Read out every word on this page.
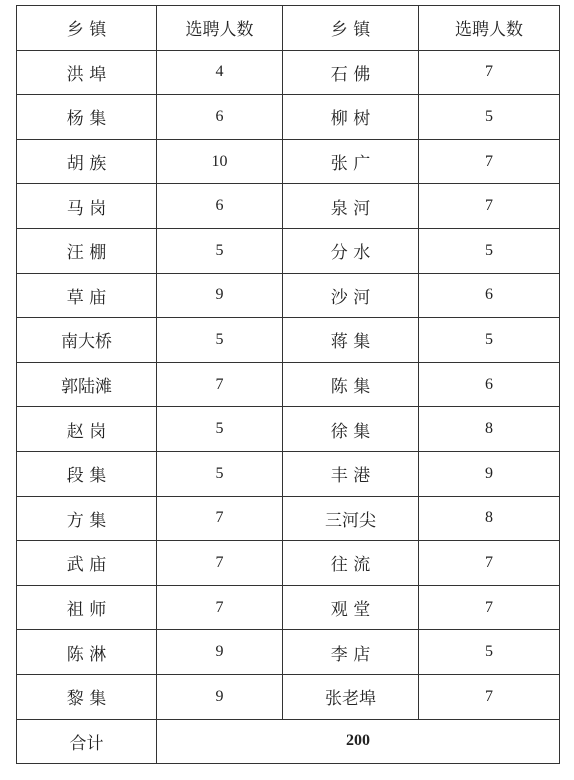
乡 镇	选聘人数	乡 镇	选聘人数
洪 埠	4	石 佛	7
杨 集	6	柳 树	5
胡 族	10	张 广	7
马 岗	6	泉 河	7
汪 棚	5	分 水	5
草 庙	9	沙 河	6
南大桥	5	蒋 集	5
郭陆滩	7	陈 集	6
赵 岗	5	徐 集	8
段 集	5	丰 港	9
方 集	7	三河尖	8
武 庙	7	往 流	7
祖 师	7	观 堂	7
陈 淋	9	李 店	5
黎 集	9	张老埠	7
合计	200		
